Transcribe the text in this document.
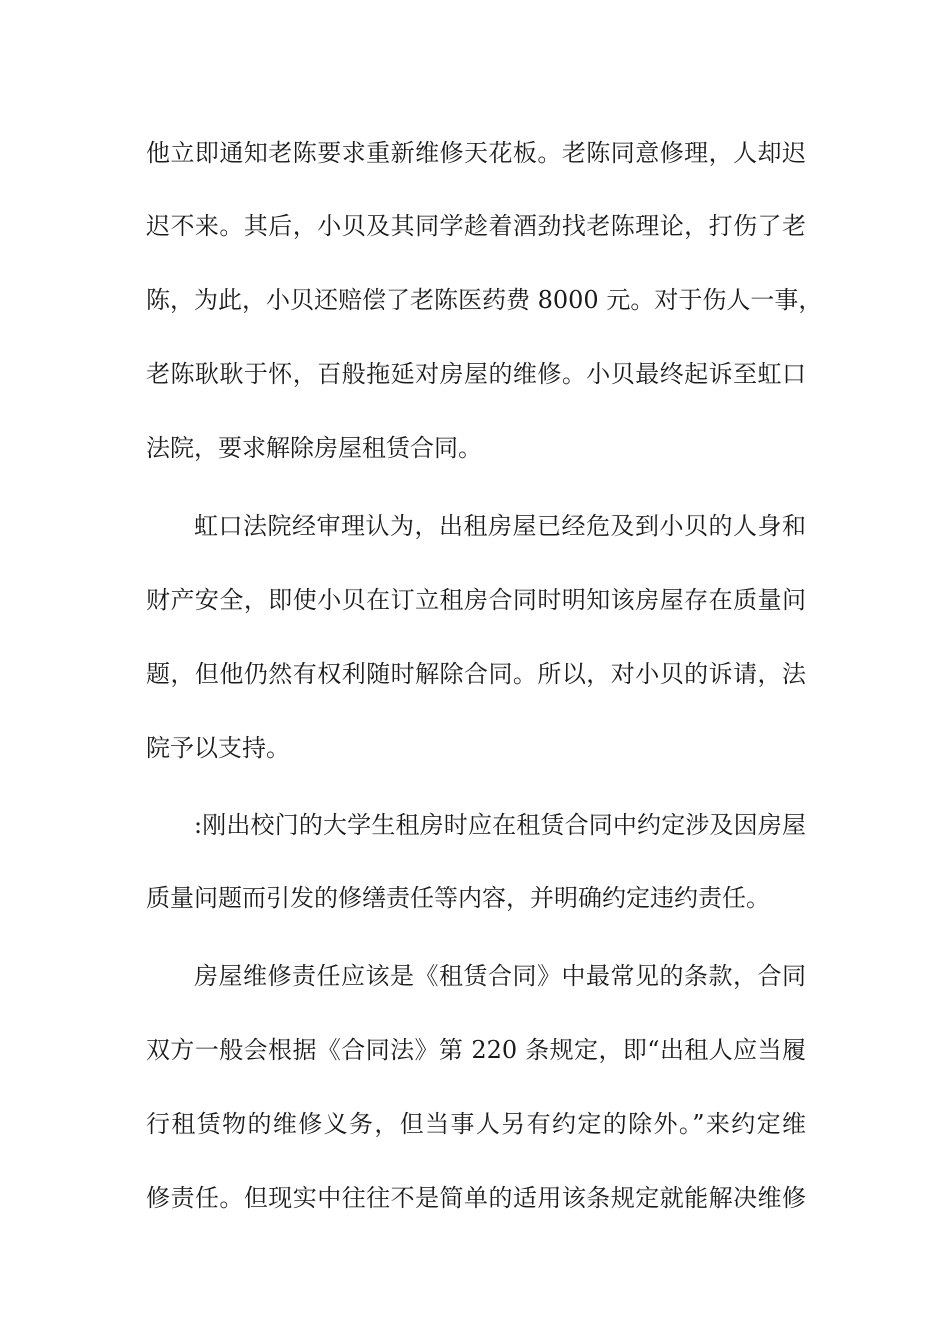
他立即通知老陈要求重新维修天花板。老陈同意修理，人却迟
迟不来。其后，小贝及其同学趁着酒劲找老陈理论，打伤了老
陈，为此，小贝还赔偿了老陈医药费 8000 元。对于伤人一事，
老陈耿耿于怀，百般拖延对房屋的维修。小贝最终起诉至虹口
法院，要求解除房屋租赁合同。
虹口法院经审理认为，出租房屋已经危及到小贝的人身和
财产安全，即使小贝在订立租房合同时明知该房屋存在质量问
题，但他仍然有权利随时解除合同。所以，对小贝的诉请，法
院予以支持。
:刚出校门的大学生租房时应在租赁合同中约定涉及因房屋
质量问题而引发的修缮责任等内容，并明确约定违约责任。
房屋维修责任应该是《租赁合同》中最常见的条款，合同
双方一般会根据《合同法》第 220 条规定，即“出租人应当履
行租赁物的维修义务，但当事人另有约定的除外。”来约定维
修责任。但现实中往往不是简单的适用该条规定就能解决维修
